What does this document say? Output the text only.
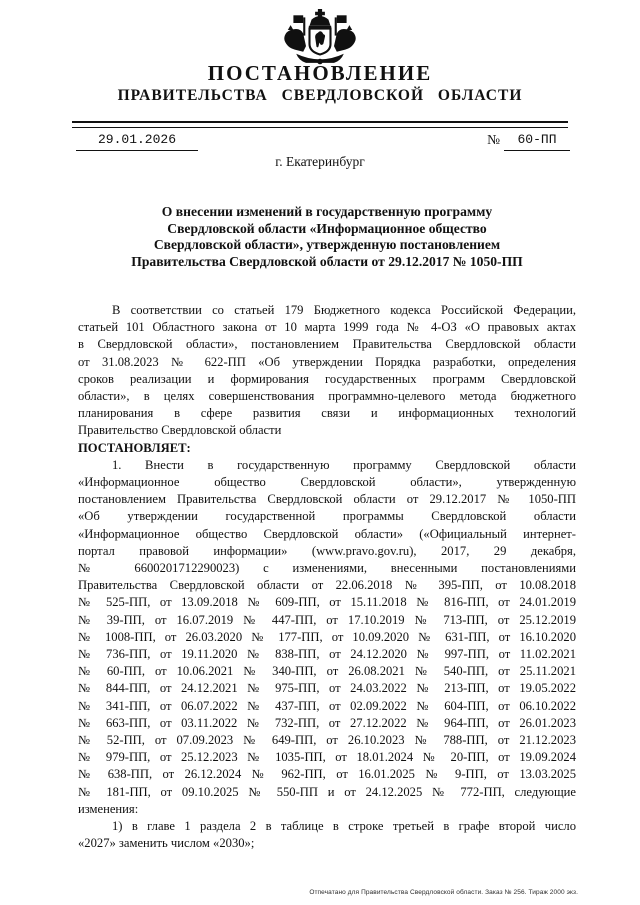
ПОСТАНОВЛЕНИЕ
ПРАВИТЕЛЬСТВА СВЕРДЛОВСКОЙ ОБЛАСТИ
29.01.2026	№	60-ПП
г. Екатеринбург
О внесении изменений в государственную программу
Свердловской области «Информационное общество
Свердловской области», утвержденную постановлением
Правительства Свердловской области от 29.12.2017 № 1050-ПП
В соответствии со статьей 179 Бюджетного кодекса Российской Федерации,
статьей 101 Областного закона от 10 марта 1999 года № 4-ОЗ «О правовых актах
в Свердловской области», постановлением Правительства Свердловской области
от 31.08.2023 № 622-ПП «Об утверждении Порядка разработки, определения
сроков реализации и формирования государственных программ Свердловской
области», в целях совершенствования программно-целевого метода бюджетного
планирования в сфере развития связи и информационных технологий
Правительство Свердловской области
ПОСТАНОВЛЯЕТ:
1. Внести в государственную программу Свердловской области
«Информационное общество Свердловской области», утвержденную
постановлением Правительства Свердловской области от 29.12.2017 № 1050-ПП
«Об утверждении государственной программы Свердловской области
«Информационное общество Свердловской области» («Официальный интернет-
портал правовой информации» (www.pravo.gov.ru), 2017, 29 декабря,
№ 6600201712290023) с изменениями, внесенными постановлениями
Правительства Свердловской области от 22.06.2018 № 395-ПП, от 10.08.2018
№ 525-ПП, от 13.09.2018 № 609-ПП, от 15.11.2018 № 816-ПП, от 24.01.2019
№ 39-ПП, от 16.07.2019 № 447-ПП, от 17.10.2019 № 713-ПП, от 25.12.2019
№ 1008-ПП, от 26.03.2020 № 177-ПП, от 10.09.2020 № 631-ПП, от 16.10.2020
№ 736-ПП, от 19.11.2020 № 838-ПП, от 24.12.2020 № 997-ПП, от 11.02.2021
№ 60-ПП, от 10.06.2021 № 340-ПП, от 26.08.2021 № 540-ПП, от 25.11.2021
№ 844-ПП, от 24.12.2021 № 975-ПП, от 24.03.2022 № 213-ПП, от 19.05.2022
№ 341-ПП, от 06.07.2022 № 437-ПП, от 02.09.2022 № 604-ПП, от 06.10.2022
№ 663-ПП, от 03.11.2022 № 732-ПП, от 27.12.2022 № 964-ПП, от 26.01.2023
№ 52-ПП, от 07.09.2023 № 649-ПП, от 26.10.2023 № 788-ПП, от 21.12.2023
№ 979-ПП, от 25.12.2023 № 1035-ПП, от 18.01.2024 № 20-ПП, от 19.09.2024
№ 638-ПП, от 26.12.2024 № 962-ПП, от 16.01.2025 № 9-ПП, от 13.03.2025
№ 181-ПП, от 09.10.2025 № 550-ПП и от 24.12.2025 № 772-ПП, следующие
изменения:
1) в главе 1 раздела 2 в таблице в строке третьей в графе второй число
«2027» заменить числом «2030»;
Отпечатано для Правительства Свердловской области. Заказ № 256. Тираж 2000 экз.
